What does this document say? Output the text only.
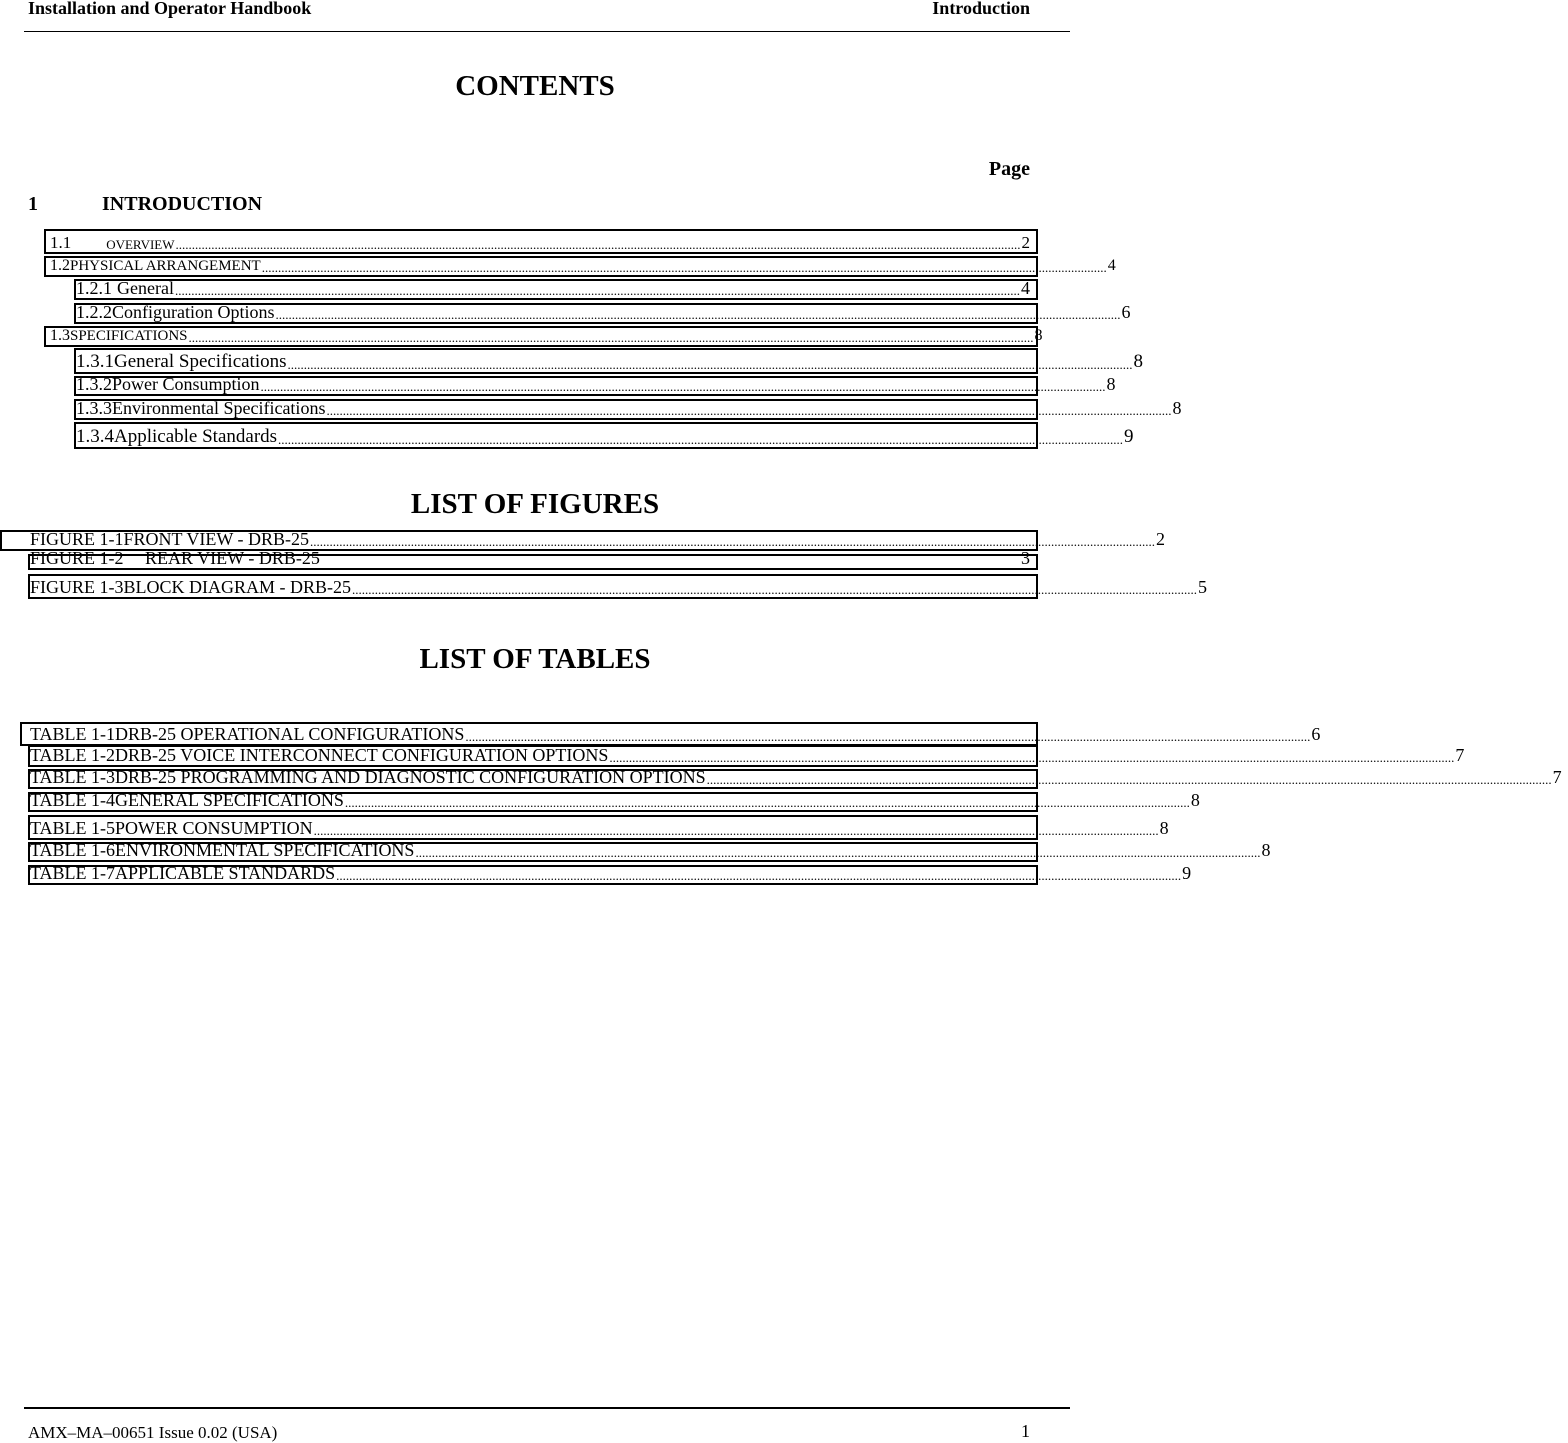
Installation and Operator Handbook	Introduction
CONTENTS
Page
1	INTRODUCTION
1.1	OVERVIEW .................................................................................................................................................................................................................................................................... 2
1.2 PHYSICAL ARRANGEMENT .................................................................................................................................................................................................................................................................... 4
1.2.1 General .................................................................................................................................................................................................................................................................... 4
1.2.2 Configuration Options .................................................................................................................................................................................................................................................................... 6
1.3 SPECIFICATIONS .................................................................................................................................................................................................................................................................... 8
1.3.1 General Specifications .................................................................................................................................................................................................................................................................... 8
1.3.2 Power Consumption .................................................................................................................................................................................................................................................................... 8
1.3.3 Environmental Specifications .................................................................................................................................................................................................................................................................... 8
1.3.4 Applicable Standards .................................................................................................................................................................................................................................................................... 9
LIST OF FIGURES
FIGURE 1-1 FRONT VIEW - DRB-25 .................................................................................................................................................................................................................................................................... 2
FIGURE 1-2	REAR VIEW - DRB-25	3
FIGURE 1-3 BLOCK DIAGRAM - DRB-25 .................................................................................................................................................................................................................................................................... 5
LIST OF TABLES
TABLE 1-1 DRB-25 OPERATIONAL CONFIGURATIONS .................................................................................................................................................................................................................................................................... 6
TABLE 1-2 DRB-25 VOICE INTERCONNECT CONFIGURATION OPTIONS .................................................................................................................................................................................................................................................................... 7
TABLE 1-3 DRB-25 PROGRAMMING AND DIAGNOSTIC CONFIGURATION OPTIONS .................................................................................................................................................................................................................................................................... 7
TABLE 1-4 GENERAL SPECIFICATIONS .................................................................................................................................................................................................................................................................... 8
TABLE 1-5 POWER CONSUMPTION .................................................................................................................................................................................................................................................................... 8
TABLE 1-6 ENVIRONMENTAL SPECIFICATIONS .................................................................................................................................................................................................................................................................... 8
TABLE 1-7 APPLICABLE STANDARDS .................................................................................................................................................................................................................................................................... 9
AMX–MA–00651 Issue 0.02 (USA)	1
